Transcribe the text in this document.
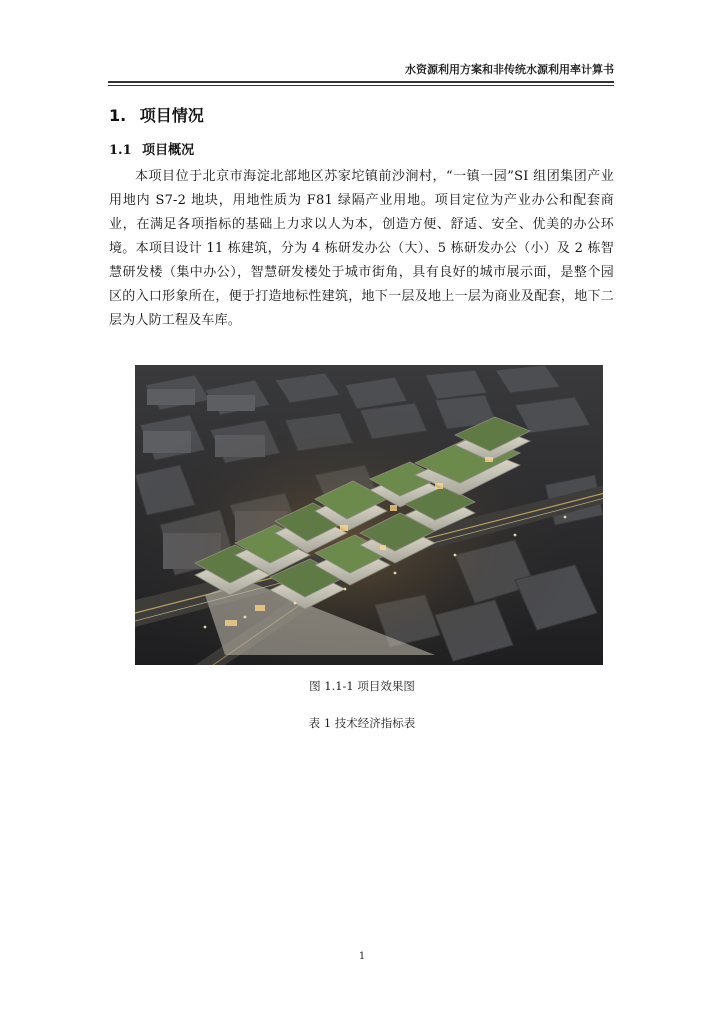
水资源利用方案和非传统水源利用率计算书
1. 项目情况
1.1 项目概况
本项目位于北京市海淀北部地区苏家坨镇前沙涧村，“一镇一园”SI 组团集团产业用地内 S7-2 地块，用地性质为 F81 绿隔产业用地。项目定位为产业办公和配套商业，在满足各项指标的基础上力求以人为本，创造方便、舒适、安全、优美的办公环境。本项目设计 11 栋建筑，分为 4 栋研发办公（大）、5 栋研发办公（小）及 2 栋智慧研发楼（集中办公），智慧研发楼处于城市街角，具有良好的城市展示面，是整个园区的入口形象所在，便于打造地标性建筑，地下一层及地上一层为商业及配套，地下二层为人防工程及车库。
图 1.1-1 项目效果图
表 1 技术经济指标表
1
